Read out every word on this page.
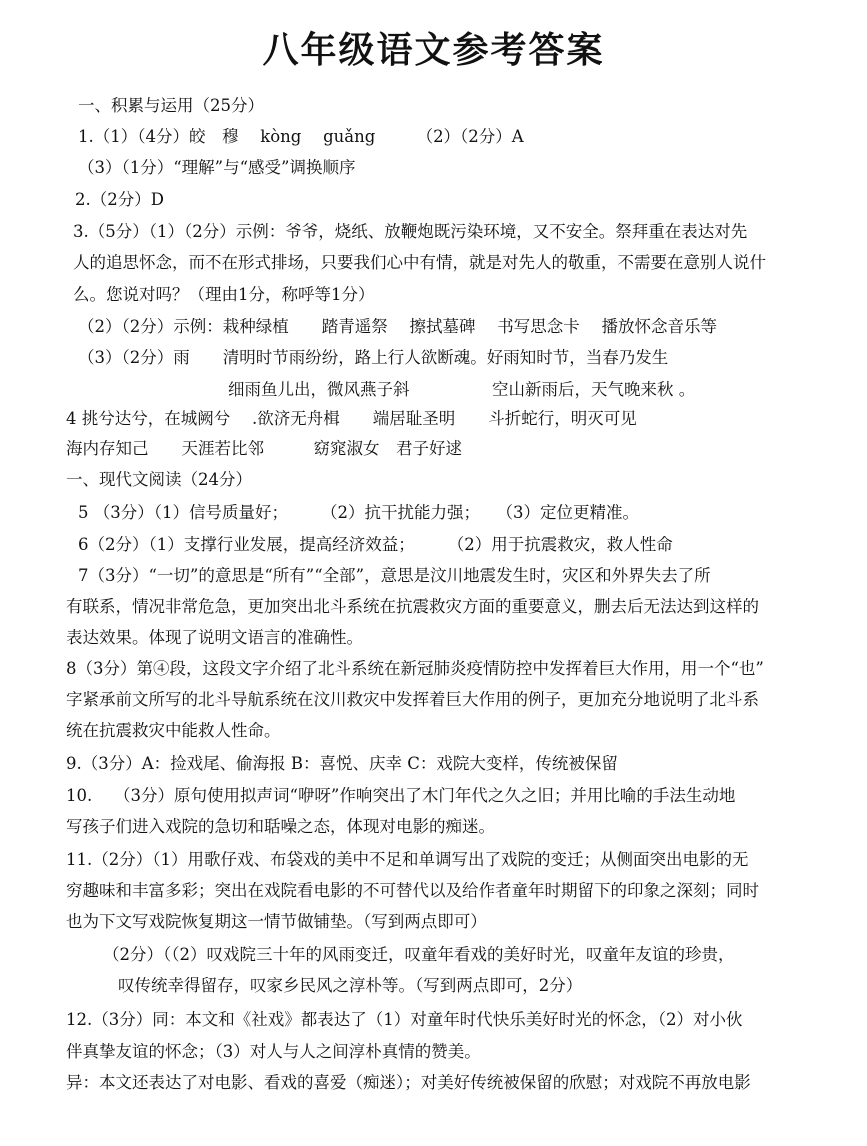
八年级语文参考答案
一、积累与运用（25分）
1.（1）（4分）皎　穆　 kòng　 guǎng　　　（2）（2分）A
（3）（1分）“理解”与“感受”调换顺序
2.（2分）D
3.（5分）（1）（2分）示例：爷爷，烧纸、放鞭炮既污染环境，又不安全。祭拜重在表达对先
人的追思怀念，而不在形式排场，只要我们心中有情，就是对先人的敬重，不需要在意别人说什
么。您说对吗？（理由1分，称呼等1分）
（2）（2分）示例：栽种绿植　　踏青遥祭　 擦拭墓碑　 书写思念卡　 播放怀念音乐等
（3）（2分）雨　　清明时节雨纷纷，路上行人欲断魂。好雨知时节，当春乃发生
细雨鱼儿出，微风燕子斜　　　　　空山新雨后，天气晚来秋 。
4 挑兮达兮，在城阙兮　 .欲济无舟楫　　端居耻圣明　　斗折蛇行，明灭可见
海内存知己　　天涯若比邻　　　窈窕淑女　君子好逑
一、现代文阅读（24分）
5 （3分）（1）信号质量好；　　　（2）抗干扰能力强；　　（3）定位更精准。
6（2分）（1）支撑行业发展，提高经济效益；　　　（2）用于抗震救灾，救人性命
7（3分）“一切”的意思是“所有”“全部”，意思是汶川地震发生时，灾区和外界失去了所
有联系，情况非常危急，更加突出北斗系统在抗震救灾方面的重要意义，删去后无法达到这样的
表达效果。体现了说明文语言的准确性。
8（3分）第④段，这段文字介绍了北斗系统在新冠肺炎疫情防控中发挥着巨大作用，用一个“也”
字紧承前文所写的北斗导航系统在汶川救灾中发挥着巨大作用的例子，更加充分地说明了北斗系
统在抗震救灾中能救人性命。
9.（3分）A：捡戏尾、偷海报 B：喜悦、庆幸 C：戏院大变样，传统被保留
10.　 （3分）原句使用拟声词“咿呀”作响突出了木门年代之久之旧；并用比喻的手法生动地
写孩子们进入戏院的急切和聒噪之态，体现对电影的痴迷。
11.（2分）（1）用歌仔戏、布袋戏的美中不足和单调写出了戏院的变迁；从侧面突出电影的无
穷趣味和丰富多彩；突出在戏院看电影的不可替代以及给作者童年时期留下的印象之深刻；同时
也为下文写戏院恢复期这一情节做铺垫。（写到两点即可）
（2分）（（2）叹戏院三十年的风雨变迁，叹童年看戏的美好时光，叹童年友谊的珍贵，
叹传统幸得留存，叹家乡民风之淳朴等。（写到两点即可，2分）
12.（3分）同：本文和《社戏》都表达了（1）对童年时代快乐美好时光的怀念，（2）对小伙
伴真挚友谊的怀念；（3）对人与人之间淳朴真情的赞美。
异：本文还表达了对电影、看戏的喜爱（痴迷）；对美好传统被保留的欣慰；对戏院不再放电影
